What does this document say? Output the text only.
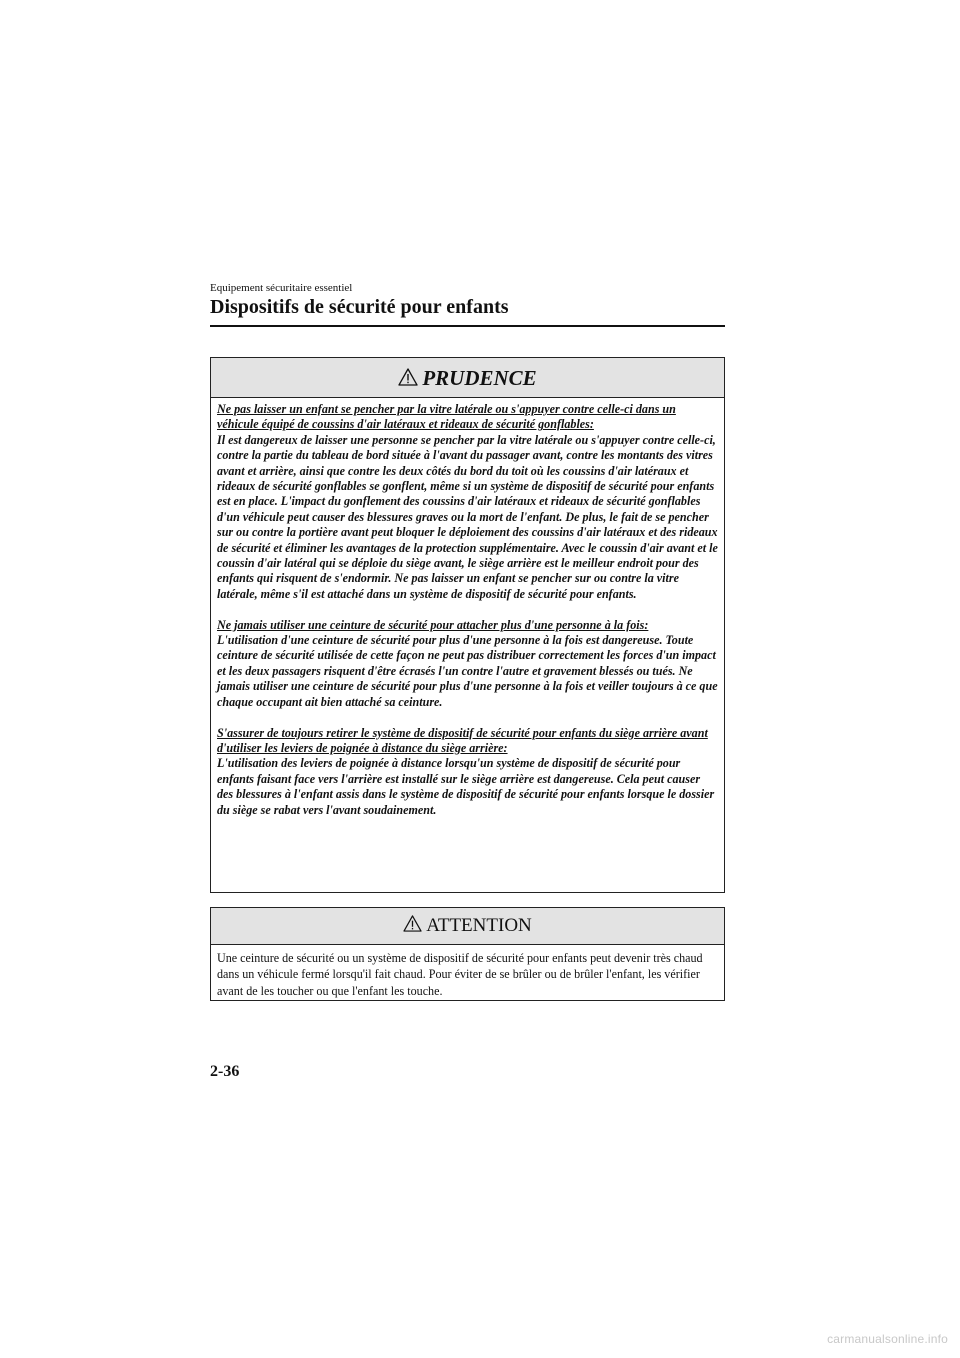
Equipement sécuritaire essentiel
Dispositifs de sécurité pour enfants
PRUDENCE

Ne pas laisser un enfant se pencher par la vitre latérale ou s'appuyer contre celle-ci dans un véhicule équipé de coussins d'air latéraux et rideaux de sécurité gonflables:
Il est dangereux de laisser une personne se pencher par la vitre latérale ou s'appuyer contre celle-ci, contre la partie du tableau de bord située à l'avant du passager avant, contre les montants des vitres avant et arrière, ainsi que contre les deux côtés du bord du toit où les coussins d'air latéraux et rideaux de sécurité gonflables se gonflent, même si un système de dispositif de sécurité pour enfants est en place. L'impact du gonflement des coussins d'air latéraux et rideaux de sécurité gonflables d'un véhicule peut causer des blessures graves ou la mort de l'enfant. De plus, le fait de se pencher sur ou contre la portière avant peut bloquer le déploiement des coussins d'air latéraux et des rideaux de sécurité et éliminer les avantages de la protection supplémentaire. Avec le coussin d'air avant et le coussin d'air latéral qui se déploie du siège avant, le siège arrière est le meilleur endroit pour des enfants qui risquent de s'endormir. Ne pas laisser un enfant se pencher sur ou contre la vitre latérale, même s'il est attaché dans un système de dispositif de sécurité pour enfants.

Ne jamais utiliser une ceinture de sécurité pour attacher plus d'une personne à la fois:
L'utilisation d'une ceinture de sécurité pour plus d'une personne à la fois est dangereuse. Toute ceinture de sécurité utilisée de cette façon ne peut pas distribuer correctement les forces d'un impact et les deux passagers risquent d'être écrasés l'un contre l'autre et gravement blessés ou tués. Ne jamais utiliser une ceinture de sécurité pour plus d'une personne à la fois et veiller toujours à ce que chaque occupant ait bien attaché sa ceinture.

S'assurer de toujours retirer le système de dispositif de sécurité pour enfants du siège arrière avant d'utiliser les leviers de poignée à distance du siège arrière:
L'utilisation des leviers de poignée à distance lorsqu'un système de dispositif de sécurité pour enfants faisant face vers l'arrière est installé sur le siège arrière est dangereuse. Cela peut causer des blessures à l'enfant assis dans le système de dispositif de sécurité pour enfants lorsque le dossier du siège se rabat vers l'avant soudainement.

ATTENTION
Une ceinture de sécurité ou un système de dispositif de sécurité pour enfants peut devenir très chaud dans un véhicule fermé lorsqu'il fait chaud. Pour éviter de se brûler ou de brûler l'enfant, les vérifier avant de les toucher ou que l'enfant les touche.
2-36
carmanualsonline.info
